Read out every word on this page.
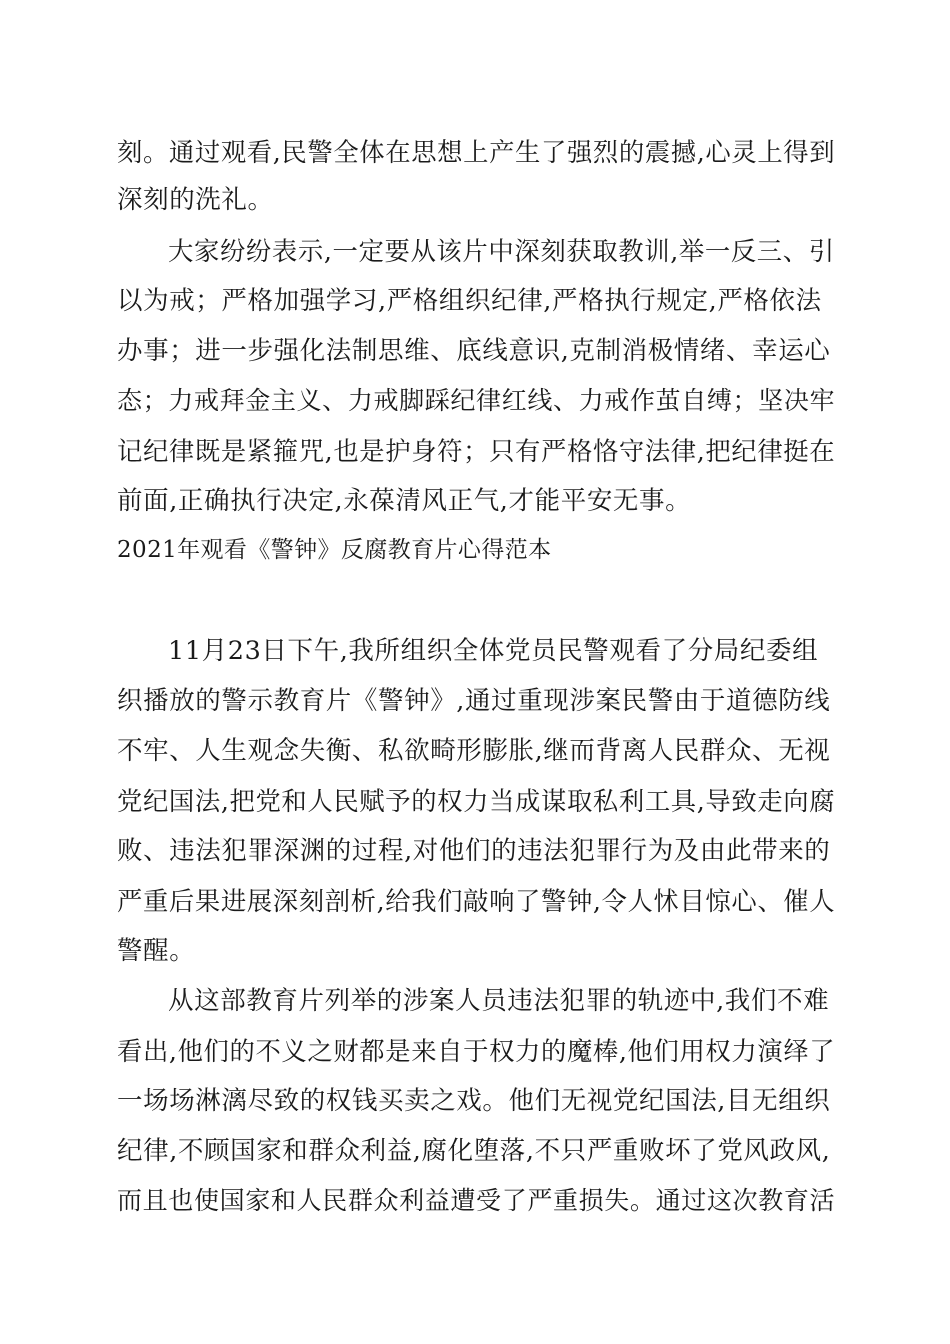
刻。通过观看,民警全体在思想上产生了强烈的震撼,心灵上得到
深刻的洗礼。
大家纷纷表示,一定要从该片中深刻获取教训,举一反三、引
以为戒；严格加强学习,严格组织纪律,严格执行规定,严格依法
办事；进一步强化法制思维、底线意识,克制消极情绪、幸运心
态；力戒拜金主义、力戒脚踩纪律红线、力戒作茧自缚；坚决牢
记纪律既是紧箍咒,也是护身符；只有严格恪守法律,把纪律挺在
前面,正确执行决定,永葆清风正气,才能平安无事。
2021年观看《警钟》反腐教育片心得范本
11月23日下午,我所组织全体党员民警观看了分局纪委组
织播放的警示教育片《警钟》,通过重现涉案民警由于道德防线
不牢、人生观念失衡、私欲畸形膨胀,继而背离人民群众、无视
党纪国法,把党和人民赋予的权力当成谋取私利工具,导致走向腐
败、违法犯罪深渊的过程,对他们的违法犯罪行为及由此带来的
严重后果进展深刻剖析,给我们敲响了警钟,令人怵目惊心、催人
警醒。
从这部教育片列举的涉案人员违法犯罪的轨迹中,我们不难
看出,他们的不义之财都是来自于权力的魔棒,他们用权力演绎了
一场场淋漓尽致的权钱买卖之戏。他们无视党纪国法,目无组织
纪律,不顾国家和群众利益,腐化堕落,不只严重败坏了党风政风,
而且也使国家和人民群众利益遭受了严重损失。通过这次教育活
